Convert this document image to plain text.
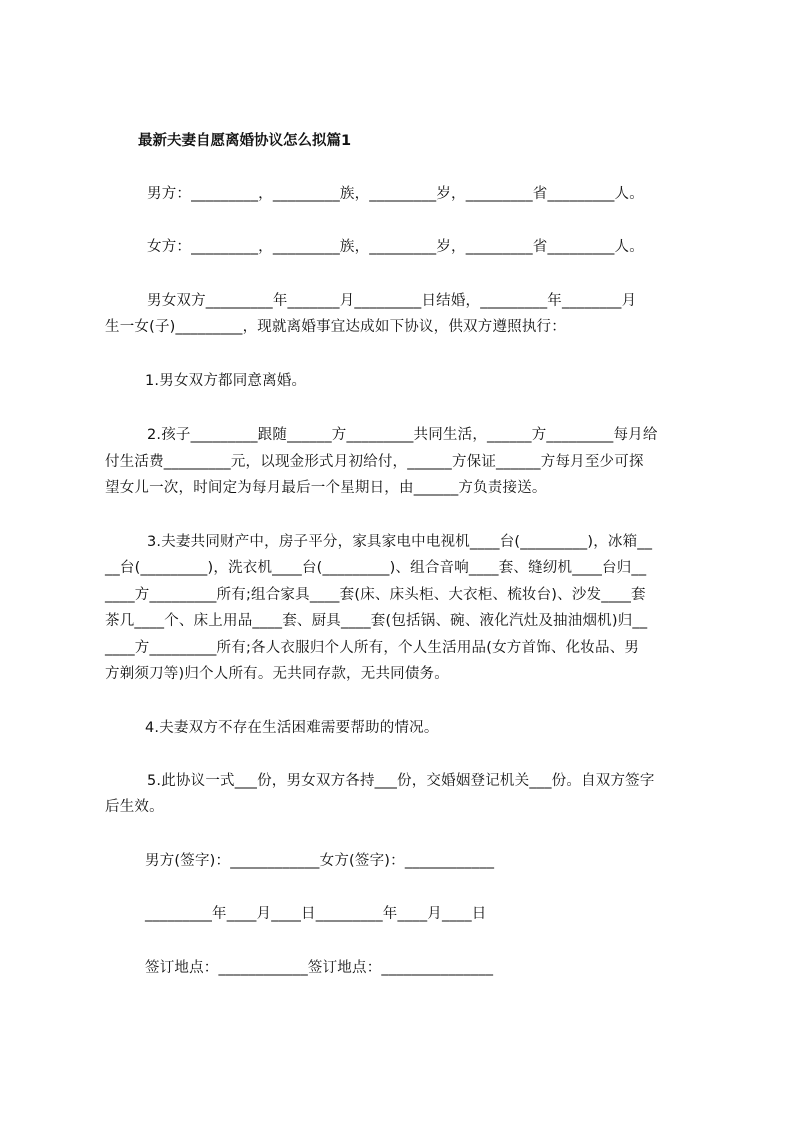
最新夫妻自愿离婚协议怎么拟篇1
男方：_________，_________族，_________岁，_________省_________人。
女方：_________，_________族，_________岁，_________省_________人。
男女双方_________年_______月_________日结婚，_________年________月
生一女(子)_________，现就离婚事宜达成如下协议，供双方遵照执行：
1.男女双方都同意离婚。
2.孩子_________跟随______方_________共同生活，______方_________每月给
付生活费_________元，以现金形式月初给付，______方保证______方每月至少可探
望女儿一次，时间定为每月最后一个星期日，由______方负责接送。
3.夫妻共同财产中，房子平分，家具家电中电视机____台(_________)，冰箱__
__台(_________)，洗衣机____台(_________)、组合音响____套、缝纫机____台归__
____方_________所有;组合家具____套(床、床头柜、大衣柜、梳妆台)、沙发____套
茶几____个、床上用品____套、厨具____套(包括锅、碗、液化汽灶及抽油烟机)归__
____方_________所有;各人衣服归个人所有，个人生活用品(女方首饰、化妆品、男
方剃须刀等)归个人所有。无共同存款，无共同债务。
4.夫妻双方不存在生活困难需要帮助的情况。
5.此协议一式___份，男女双方各持___份，交婚姻登记机关___份。自双方签字
后生效。
男方(签字)：____________女方(签字)：____________
_________年____月____日_________年____月____日
签订地点：____________签订地点：_______________
